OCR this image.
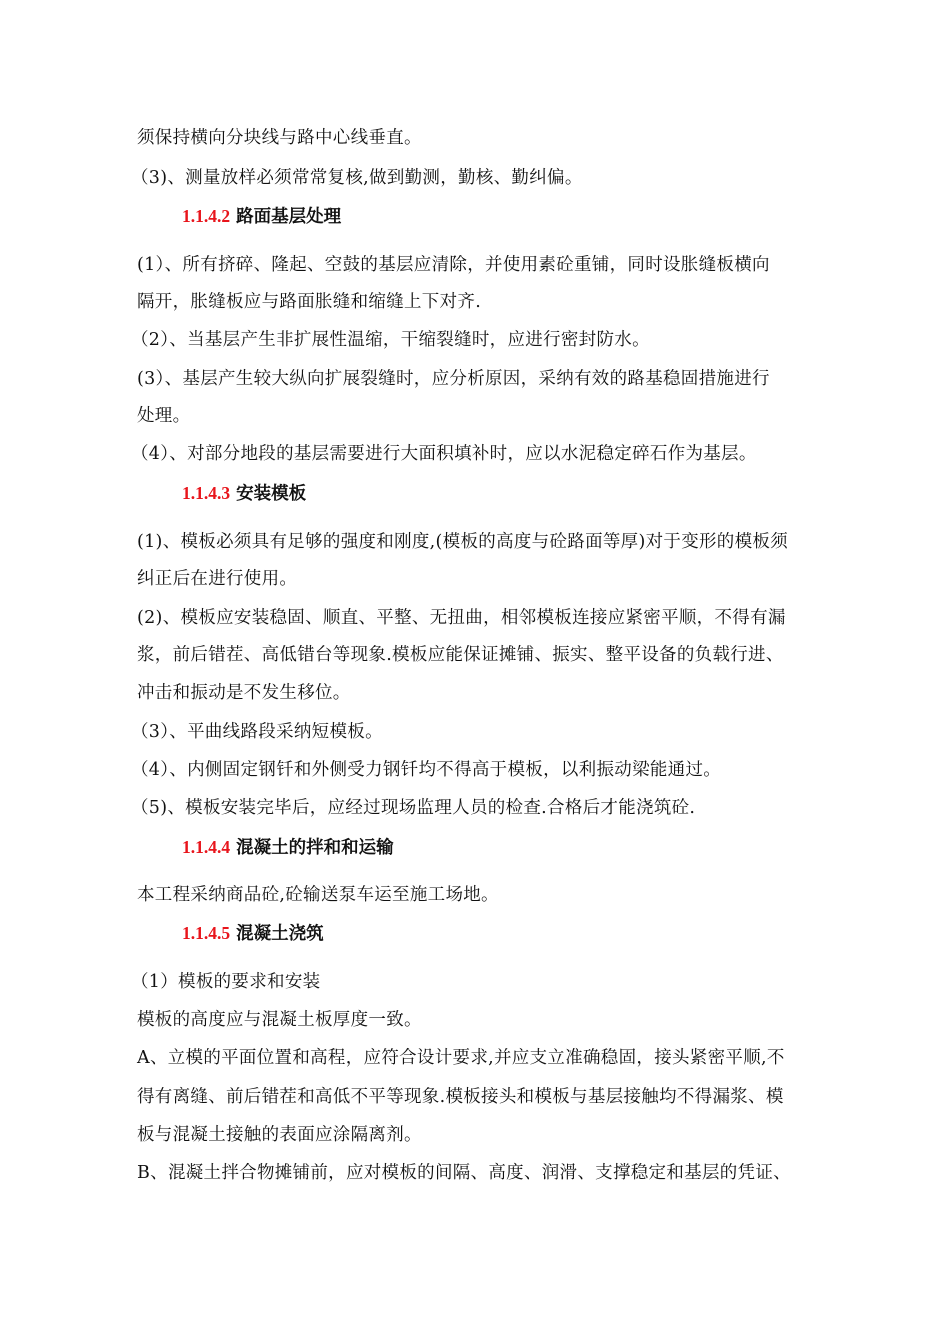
须保持横向分块线与路中心线垂直。
（3)、测量放样必须常常复核,做到勤测，勤核、勤纠偏。
1.1.4.2 路面基层处理
(1）、所有挤碎、隆起、空鼓的基层应清除，并使用素砼重铺，同时设胀缝板横向
隔开，胀缝板应与路面胀缝和缩缝上下对齐.
（2）、当基层产生非扩展性温缩，干缩裂缝时，应进行密封防水。
(3）、基层产生较大纵向扩展裂缝时，应分析原因，采纳有效的路基稳固措施进行
处理。
（4）、对部分地段的基层需要进行大面积填补时，应以水泥稳定碎石作为基层。
1.1.4.3 安装模板
(1)、模板必须具有足够的强度和刚度,(模板的高度与砼路面等厚)对于变形的模板须
纠正后在进行使用。
(2)、模板应安装稳固、顺直、平整、无扭曲，相邻模板连接应紧密平顺，不得有漏
浆，前后错茬、高低错台等现象.模板应能保证摊铺、振实、整平设备的负载行进、
冲击和振动是不发生移位。
（3）、平曲线路段采纳短模板。
（4）、内侧固定钢钎和外侧受力钢钎均不得高于模板，以利振动梁能通过。
（5)、模板安装完毕后，应经过现场监理人员的检查.合格后才能浇筑砼.
1.1.4.4 混凝土的拌和和运输
本工程采纳商品砼,砼输送泵车运至施工场地。
1.1.4.5 混凝土浇筑
（1）模板的要求和安装
模板的高度应与混凝土板厚度一致。
A、立模的平面位置和高程，应符合设计要求,并应支立准确稳固，接头紧密平顺,不
得有离缝、前后错茬和高低不平等现象.模板接头和模板与基层接触均不得漏浆、模
板与混凝土接触的表面应涂隔离剂。
B、混凝土拌合物摊铺前，应对模板的间隔、高度、润滑、支撑稳定和基层的凭证、
